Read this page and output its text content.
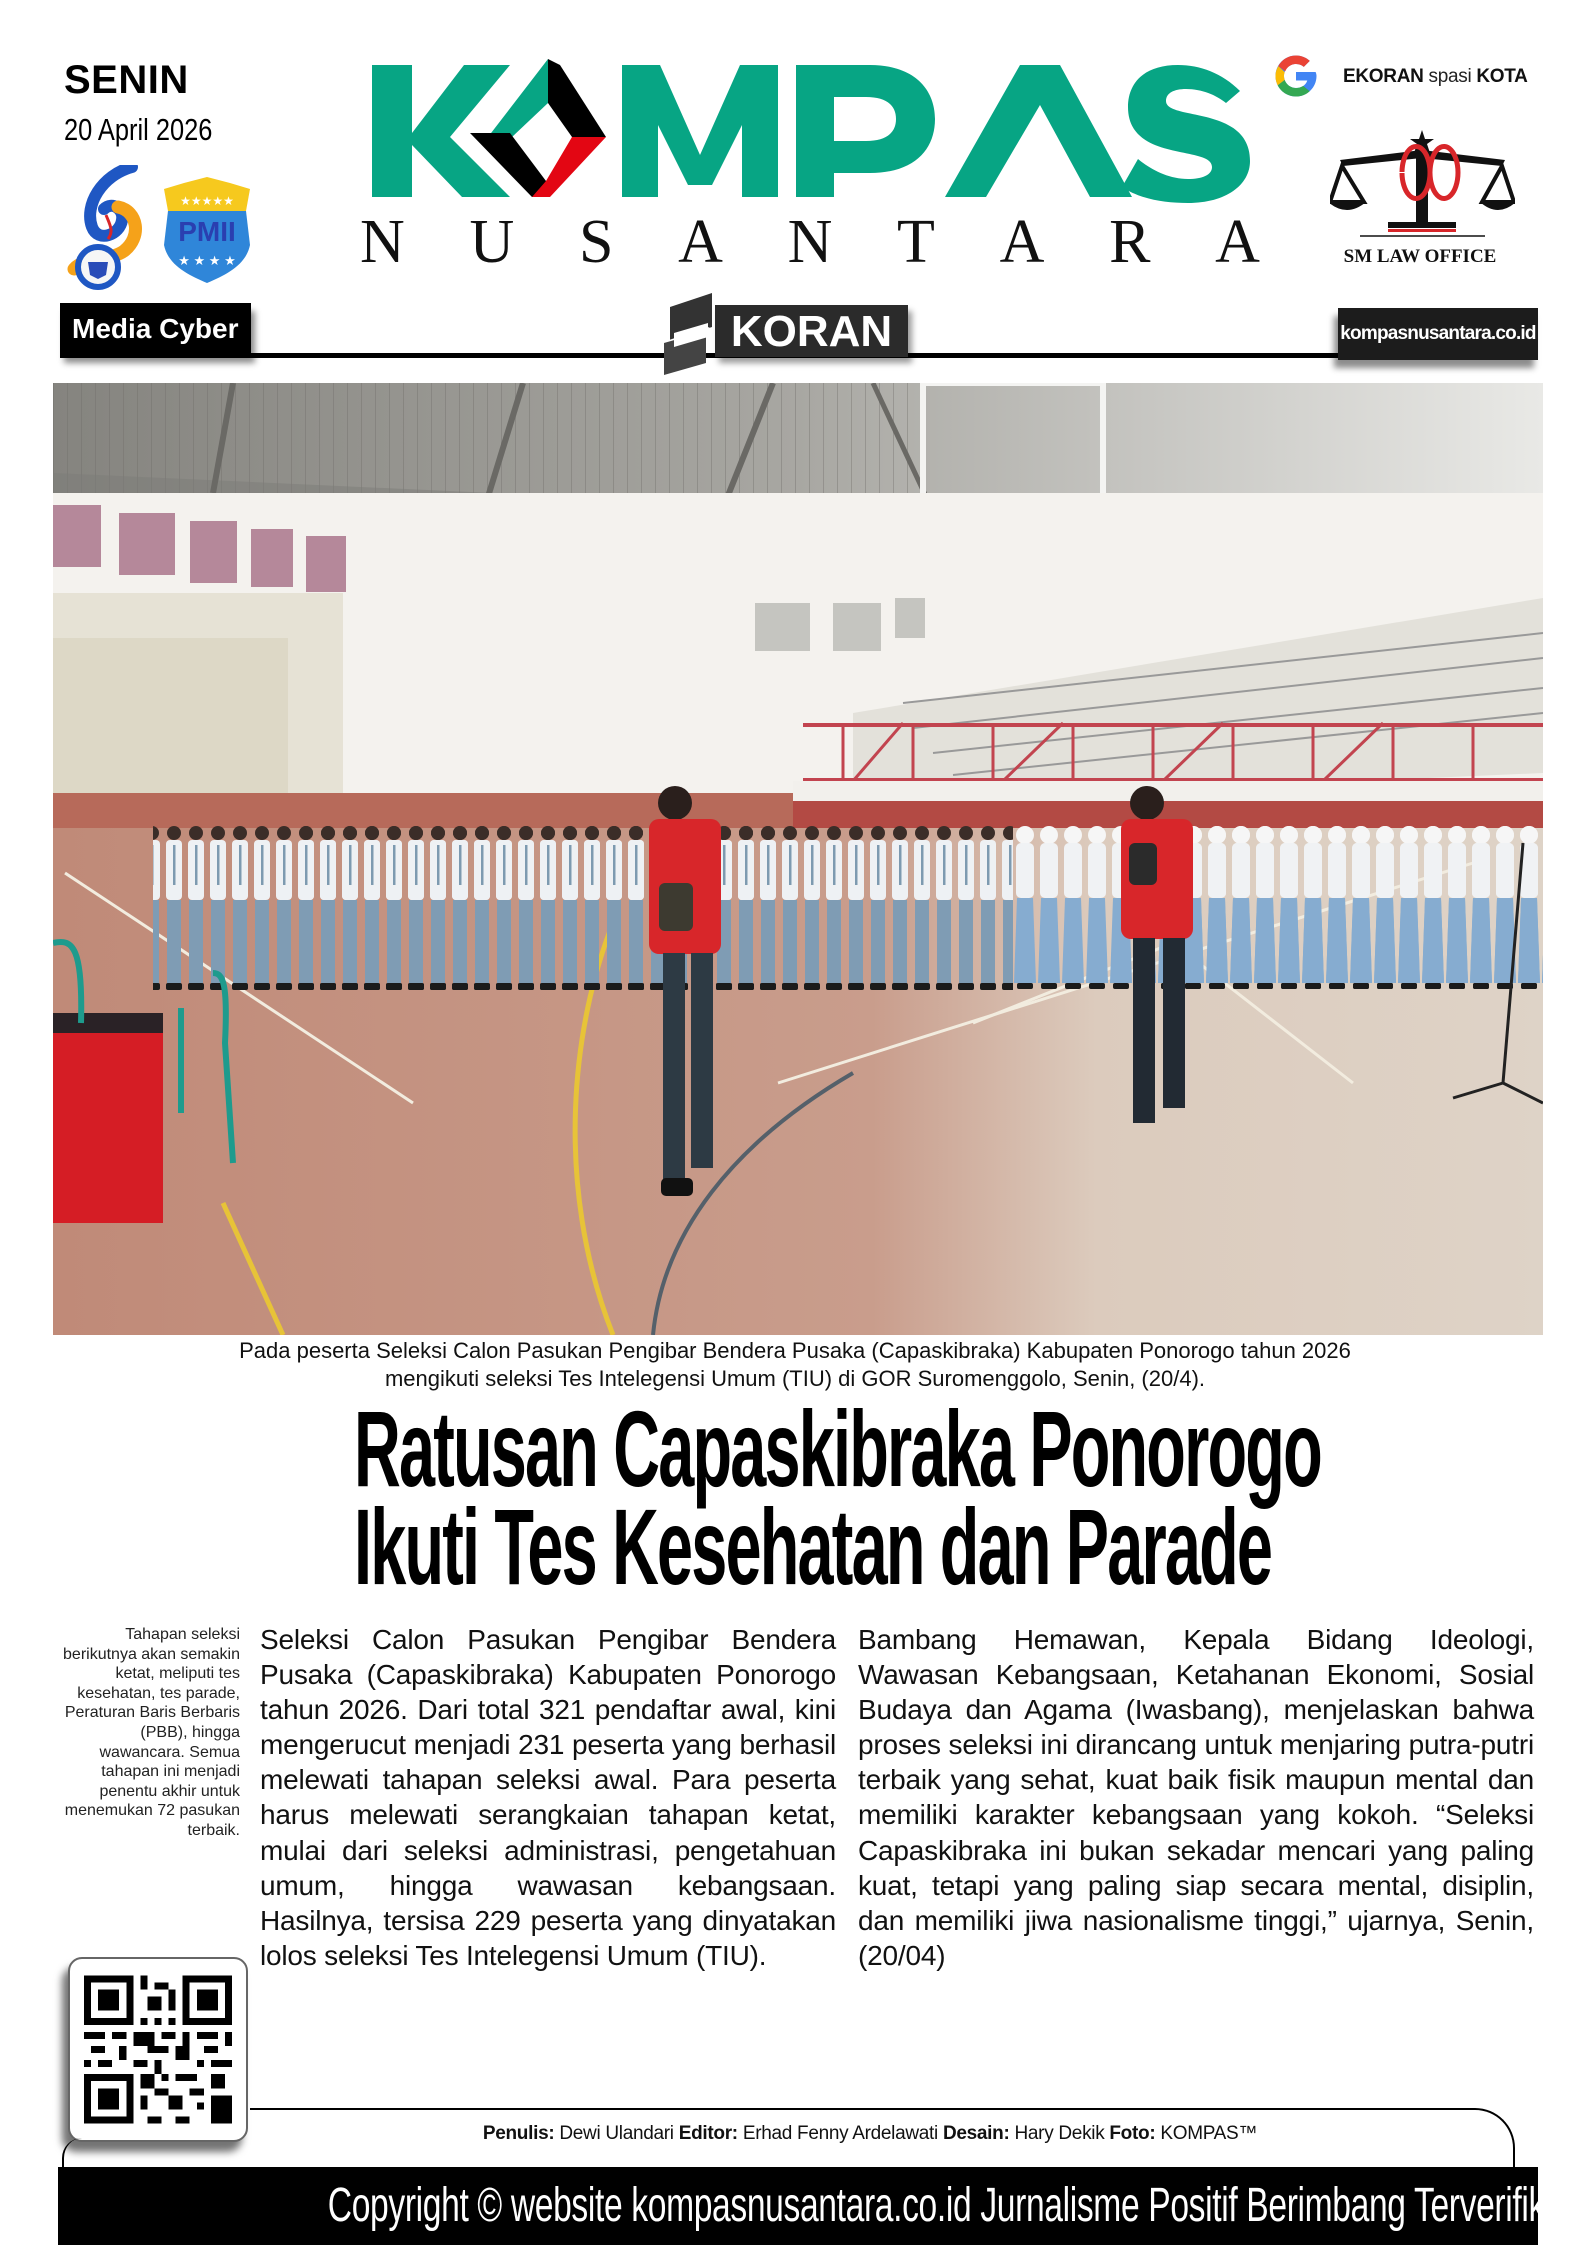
SENIN
20 April 2026
PMII
★★★★★
★ ★ ★ ★ N U S A N T A R A
EKORAN spasi KOTA
SM LAW OFFICE
Media Cyber	KORAN	kompasnusantara.co.id
Pada peserta Seleksi Calon Pasukan Pengibar Bendera Pusaka (Capaskibraka) Kabupaten Ponorogo tahun 2026
mengikuti seleksi Tes Intelegensi Umum (TIU) di GOR Suromenggolo, Senin, (20/4).
Ratusan Capaskibraka Ponorogo
Ikuti Tes Kesehatan dan Parade

Tahapan seleksi berikutnya akan semakin ketat, meliputi tes kesehatan, tes parade, Peraturan Baris Berbaris (PBB), hingga wawancara. Semua tahapan ini menjadi penentu akhir untuk menemukan 72 pasukan terbaik.

Seleksi Calon Pasukan Pengibar Bendera Pusaka (Capaskibraka) Kabupaten Ponorogo tahun 2026. Dari total 321 pendaftar awal, kini mengerucut menjadi 231 peserta yang berhasil melewati tahapan seleksi awal. Para peserta harus melewati serangkaian tahapan ketat, mulai dari seleksi administrasi, pengetahuan umum, hingga wawasan kebangsaan. Hasilnya, tersisa 229 peserta yang dinyatakan lolos seleksi Tes Intelegensi Umum (TIU).
Bambang Hemawan, Kepala Bidang Ideologi, Wawasan Kebangsaan, Ketahanan Ekonomi, Sosial Budaya dan Agama (Iwasbang), menjelaskan bahwa proses seleksi ini dirancang untuk menjaring putra-putri terbaik yang sehat, kuat baik fisik maupun mental dan memiliki karakter kebangsaan yang kokoh. “Seleksi Capaskibraka ini bukan sekadar mencari yang paling kuat, tetapi yang paling siap secara mental, disiplin, dan memiliki jiwa nasionalisme tinggi,” ujarnya, Senin, (20/04)
Penulis: Dewi Ulandari Editor: Erhad Fenny Ardelawati Desain: Hary Dekik Foto: KOMPAS™
Copyright © website kompasnusantara.co.id Jurnalisme Positif Berimbang Terverifikasi
